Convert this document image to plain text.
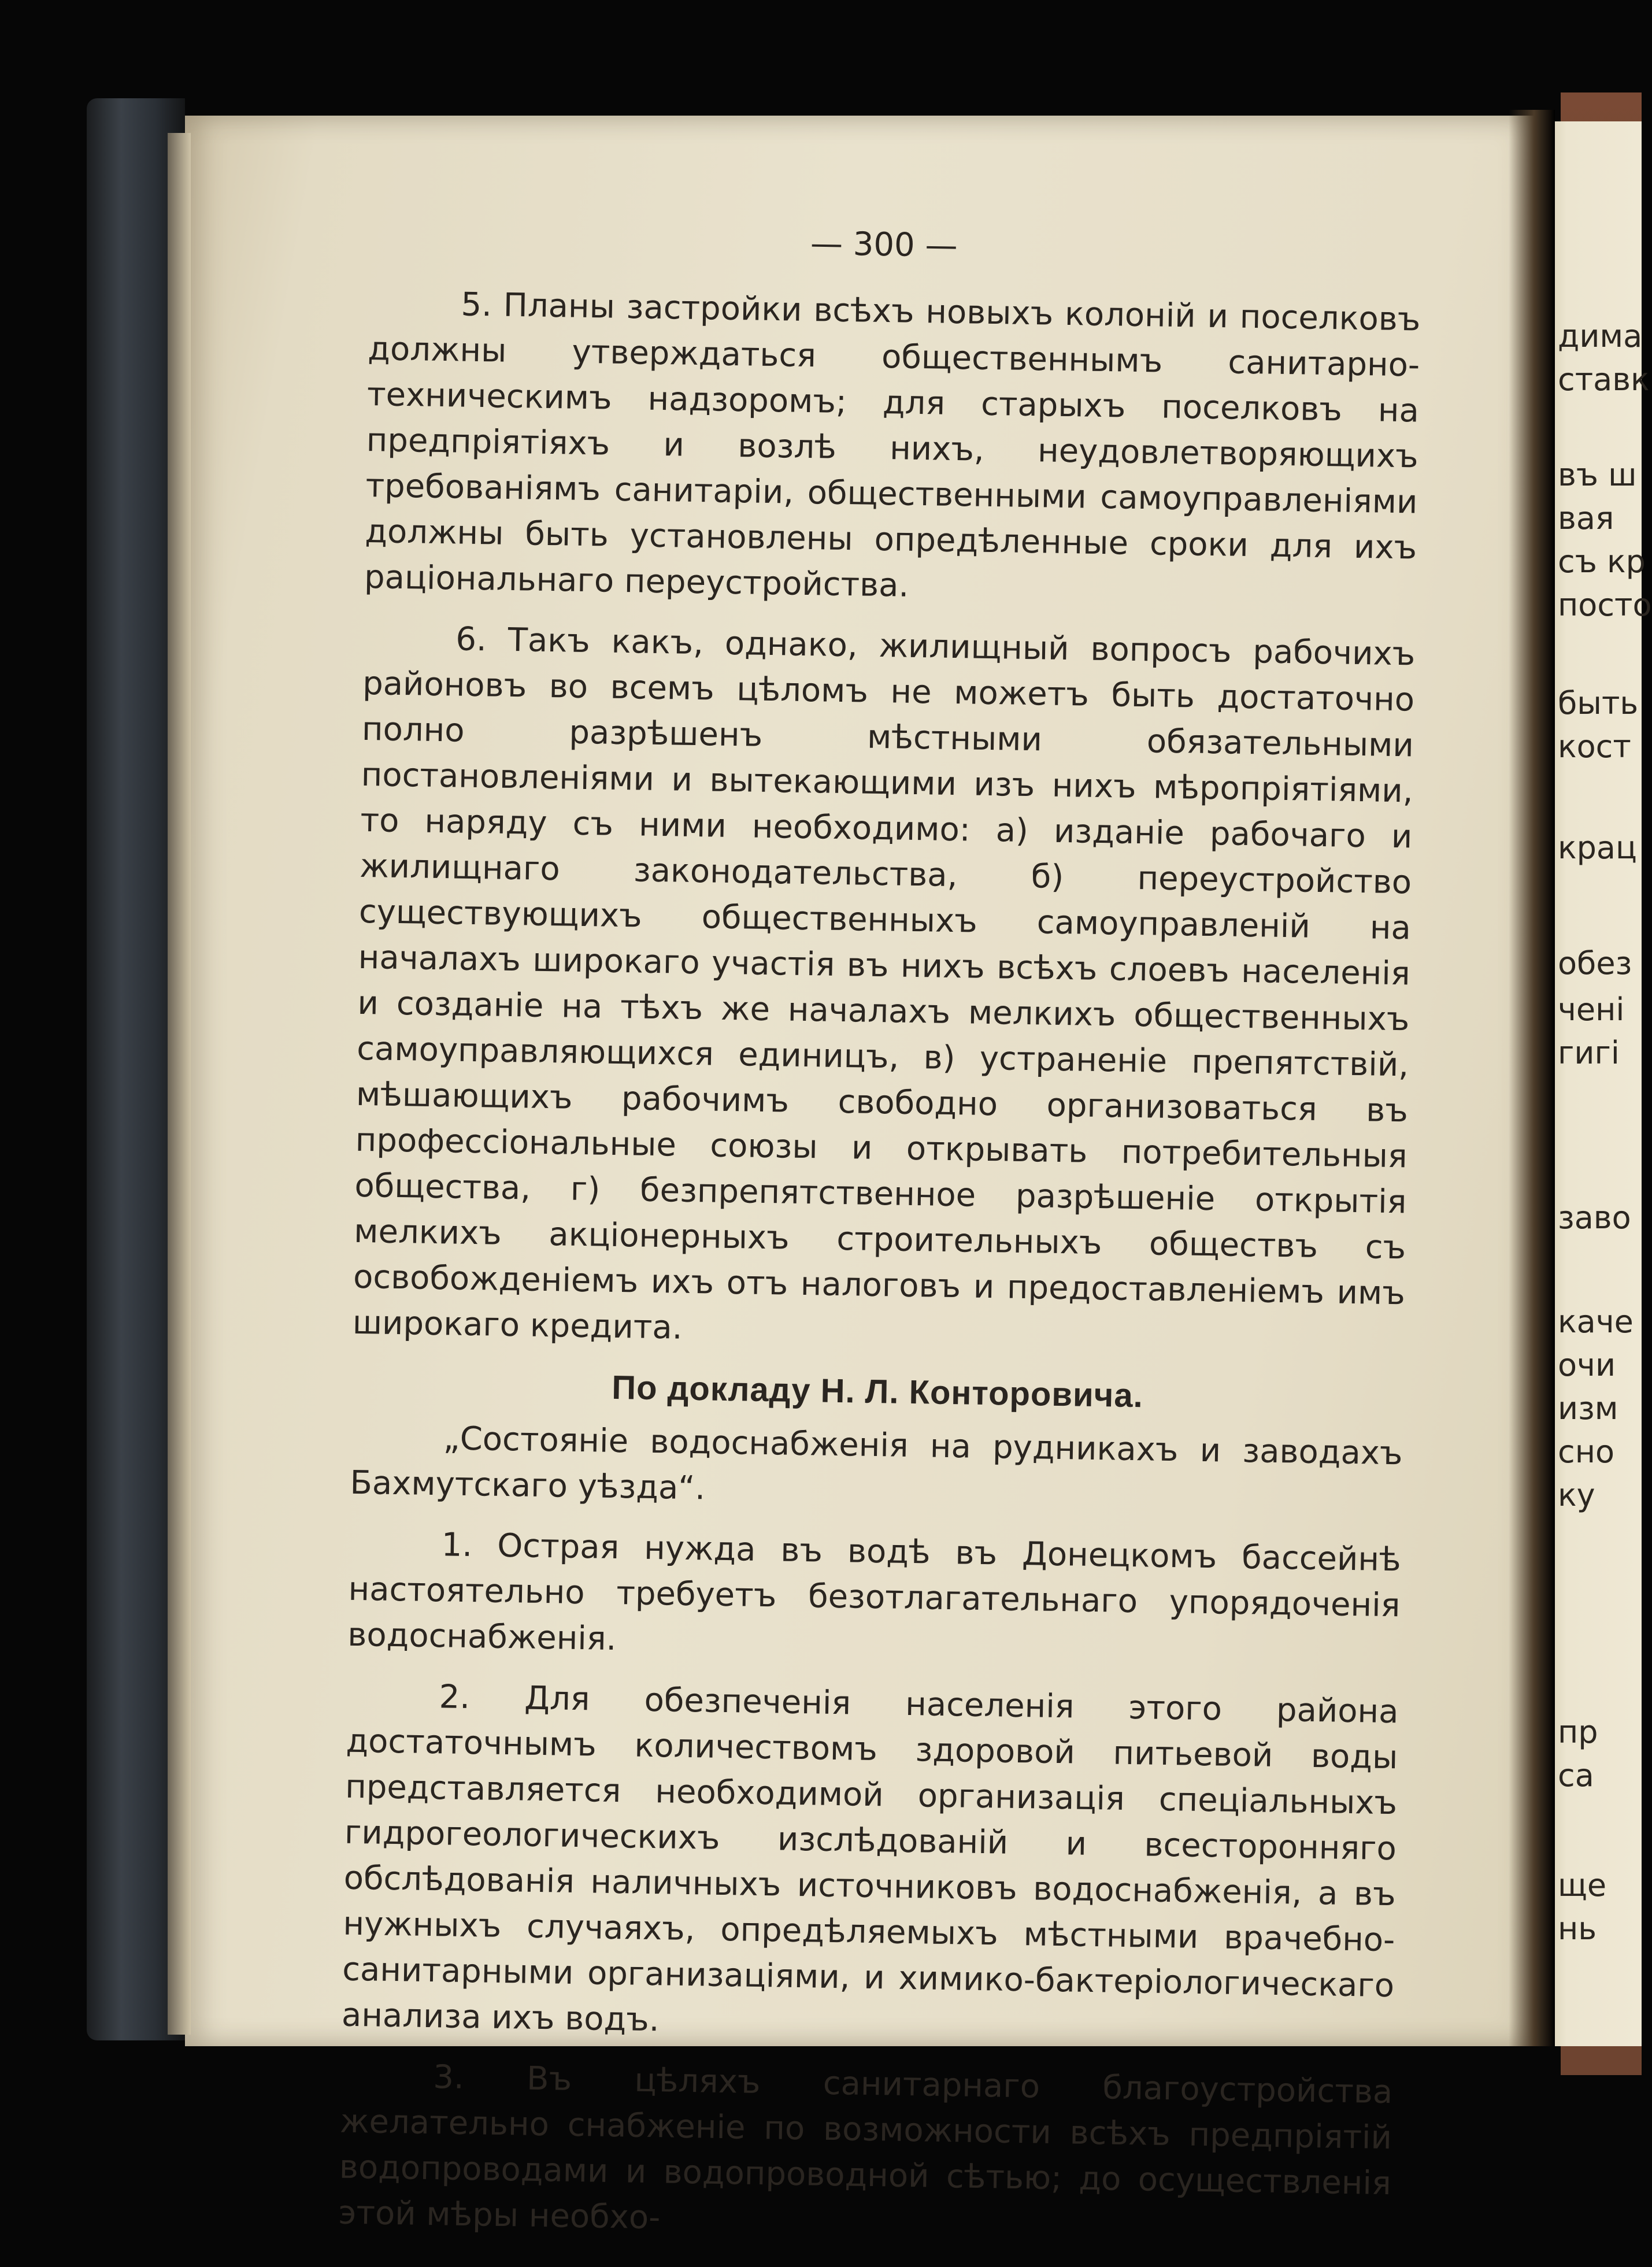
дима
ставк
въ ш
вая
съ кр
посто
быть
кост
крац
обез
чені
гигі
заво
каче
очи
изм
сно
ку
пр
са
ще
нь
— 300 —

5. Планы застройки всѣхъ новыхъ колоній и поселковъ должны утверждаться общественнымъ санитарно-техническимъ надзоромъ; для старыхъ поселковъ на предпріятіяхъ и возлѣ нихъ, неудовлетворяющихъ требованіямъ санитаріи, общественными самоуправленіями должны быть установлены опредѣленные сроки для ихъ раціональнаго переустройства.

6. Такъ какъ, однако, жилищный вопросъ рабочихъ районовъ во всемъ цѣломъ не можетъ быть достаточно полно разрѣшенъ мѣстными обязательными постановленіями и вытекающими изъ нихъ мѣропріятіями, то наряду съ ними необходимо: а) изданіе рабочаго и жилищнаго законодательства, б) переустройство существующихъ общественныхъ самоуправленій на началахъ широкаго участія въ нихъ всѣхъ слоевъ населенія и созданіе на тѣхъ же началахъ мелкихъ общественныхъ самоуправляющихся единицъ, в) устраненіе препятствій, мѣшающихъ рабочимъ свободно организоваться въ профессіональные союзы и открывать потребительныя общества, г) безпрепятственное разрѣшеніе открытія мелкихъ акціонерныхъ строительныхъ обществъ съ освобожденіемъ ихъ отъ налоговъ и предоставленіемъ имъ широкаго кредита.

По докладу Н. Л. Конторовича.

„Состояніе водоснабженія на рудникахъ и заводахъ Бахмутскаго уѣзда“.

1. Острая нужда въ водѣ въ Донецкомъ бассейнѣ настоятельно требуетъ безотлагательнаго упорядоченія водоснабженія.

2. Для обезпеченія населенія этого района достаточнымъ количествомъ здоровой питьевой воды представляется необходимой организація спеціальныхъ гидрогеологическихъ изслѣдованій и всесторонняго обслѣдованія наличныхъ источниковъ водоснабженія, а въ нужныхъ случаяхъ, опредѣляемыхъ мѣстными врачебно-санитарными организаціями, и химико-бактеріологическаго анализа ихъ водъ.

3. Въ цѣляхъ санитарнаго благоустройства желательно снабженіе по возможности всѣхъ предпріятій водопроводами и водопроводной сѣтью; до осуществленія этой мѣры необхо-
